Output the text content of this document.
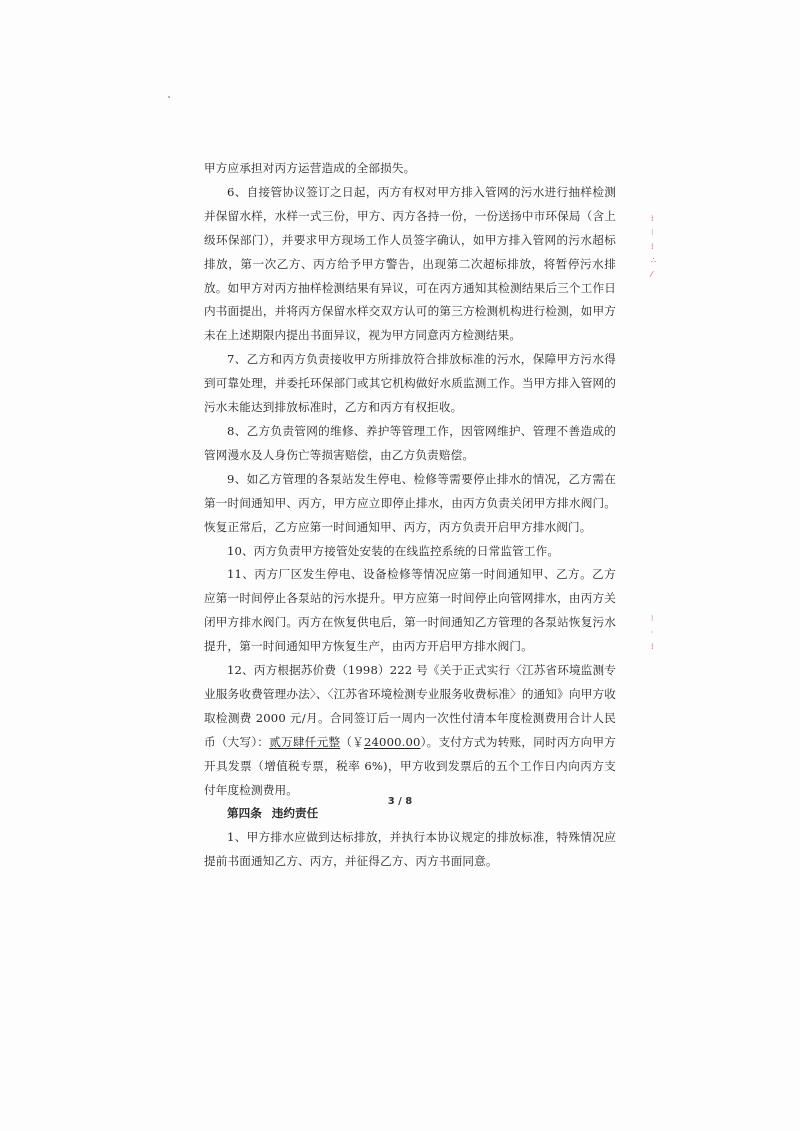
甲方应承担对丙方运营造成的全部损失。

6、自接管协议签订之日起，丙方有权对甲方排入管网的污水进行抽样检测并保留水样，水样一式三份，甲方、丙方各持一份，一份送扬中市环保局（含上级环保部门），并要求甲方现场工作人员签字确认，如甲方排入管网的污水超标排放，第一次乙方、丙方给予甲方警告，出现第二次超标排放，将暂停污水排放。如甲方对丙方抽样检测结果有异议，可在丙方通知其检测结果后三个工作日内书面提出，并将丙方保留水样交双方认可的第三方检测机构进行检测，如甲方未在上述期限内提出书面异议，视为甲方同意丙方检测结果。

7、乙方和丙方负责接收甲方所排放符合排放标准的污水，保障甲方污水得到可靠处理，并委托环保部门或其它机构做好水质监测工作。当甲方排入管网的污水未能达到排放标准时，乙方和丙方有权拒收。

8、乙方负责管网的维修、养护等管理工作，因管网维护、管理不善造成的管网漫水及人身伤亡等损害赔偿，由乙方负责赔偿。

9、如乙方管理的各泵站发生停电、检修等需要停止排水的情况，乙方需在第一时间通知甲、丙方，甲方应立即停止排水，由丙方负责关闭甲方排水阀门。恢复正常后，乙方应第一时间通知甲、丙方，丙方负责开启甲方排水阀门。

10、丙方负责甲方接管处安装的在线监控系统的日常监管工作。

11、丙方厂区发生停电、设备检修等情况应第一时间通知甲、乙方。乙方应第一时间停止各泵站的污水提升。甲方应第一时间停止向管网排水，由丙方关闭甲方排水阀门。丙方在恢复供电后，第一时间通知乙方管理的各泵站恢复污水提升，第一时间通知甲方恢复生产，由丙方开启甲方排水阀门。

12、丙方根据苏价费（1998）222 号《关于正式实行〈江苏省环境监测专业服务收费管理办法〉、〈江苏省环境检测专业服务收费标准〉的通知》向甲方收取检测费 2000 元/月。合同签订后一周内一次性付清本年度检测费用合计人民币（大写）：贰万肆仟元整（￥24000.00）。支付方式为转账，同时丙方向甲方开具发票（增值税专票，税率 6%)，甲方收到发票后的五个工作日内向丙方支付年度检测费用。

第四条 违约责任

1、甲方排水应做到达标排放，并执行本协议规定的排放标准，特殊情况应提前书面通知乙方、丙方，并征得乙方、丙方书面同意。

3 / 8
⁞
⁝
⁞
∴
⁄
⁝
·
⁞
